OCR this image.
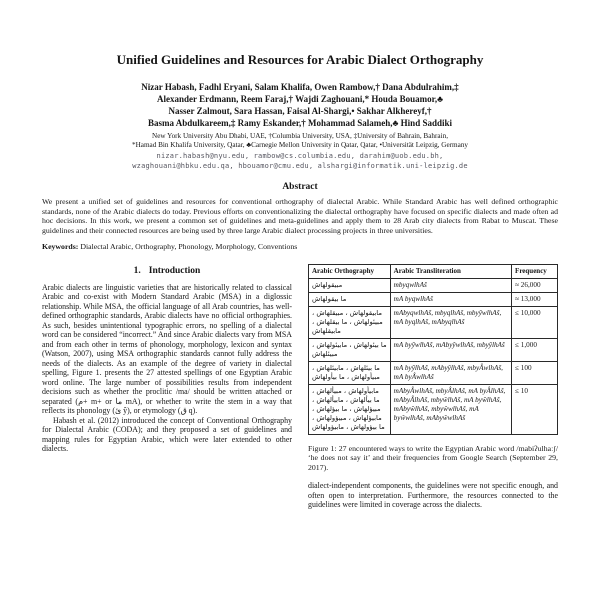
Unified Guidelines and Resources for Arabic Dialect Orthography
Nizar Habash, Fadhl Eryani, Salam Khalifa, Owen Rambow,† Dana Abdulrahim,‡
Alexander Erdmann, Reem Faraj,† Wajdi Zaghouani,* Houda Bouamor,♣
Nasser Zalmout, Sara Hassan, Faisal Al-Shargi,• Sakhar Alkhereyf,†
Basma Abdulkareem,‡ Ramy Eskander,† Mohammad Salameh,♣ Hind Saddiki
New York University Abu Dhabi, UAE, †Columbia University, USA, ‡University of Bahrain, Bahrain,
*Hamad Bin Khalifa University, Qatar, ♣Carnegie Mellon University in Qatar, Qatar, •Universität Leipzig, Germany
nizar.habash@nyu.edu, rambow@cs.columbia.edu, darahim@uob.edu.bh,
wzaghouani@hbku.edu.qa, hbouamor@cmu.edu, alshargi@informatik.uni-leipzig.de
Abstract

We present a unified set of guidelines and resources for conventional orthography of dialectal Arabic. While Standard Arabic has well defined orthographic standards, none of the Arabic dialects do today. Previous efforts on conventionalizing the dialectal orthography have focused on specific dialects and made often ad hoc decisions. In this work, we present a common set of guidelines and meta-guidelines and apply them to 28 Arab city dialects from Rabat to Muscat. These guidelines and their connected resources are being used by three large Arabic dialect processing projects in three universities.

Keywords: Dialectal Arabic, Orthography, Phonology, Morphology, Conventions

1. Introduction

Arabic dialects are linguistic varieties that are historically related to classical Arabic and co-exist with Modern Standard Arabic (MSA) in a diglossic relationship. While MSA, the official language of all Arab countries, has well-defined orthographic standards, Arabic dialects have no official orthographies. As such, besides unintentional typographic errors, no spelling of a dialectal word can be considered “incorrect.” And since Arabic dialects vary from MSA and from each other in terms of phonology, morphology, lexicon and syntax (Watson, 2007), using MSA orthographic standards cannot fully address the needs of the dialects. As an example of the degree of variety in dialectal spelling, Figure 1. presents the 27 attested spellings of one Egyptian Arabic word online. The large number of possibilities results from independent decisions such as whether the proclitic /ma/ should be written attached or separated (م+ m+ or ما mA), or whether to write the stem in a way that reflects its phonology (ئ ŷ), or etymology (ق q).

Habash et al. (2012) introduced the concept of Conventional Orthography for Dialectal Arabic (CODA); and they proposed a set of guidelines and mapping rules for Egyptian Arabic, which were later extended to other dialects.

Arabic Orthography	Arabic Transliteration	Frequency
مبيقولهاش	mbyqwlhAš	≈ 26,000
ما بيقولهاش	mA byqwlhAš	≈ 13,000
مابيقولهاش ، مبيقلهاش ، مبيئولهاش ، ما بيقلهاش ، مابيقلهاش	mAbyqwlhAš, mbyqlhAš, mbyŷwlhAš, mA byqlhAš, mAbyqlhAš	≤ 10,000
ما بيئولهاش ، مابيئولهاش ، مبيئلهاش	mA byŷwlhAš, mAbyŷwlhAš, mbyŷlhAš	≤ 1,000
ما بيئلهاش ، مابيئلهاش ، مبيأولهاش ، ما بيأولهاش	mA byŷlhAš, mAbyŷlhAš, mbyÂwlhAš, mA byÂwlhAš	≤ 100
مابيأولهاش ، مبيألهاش ، ما بيألهاش ، مابيألهاش ، مبيؤلهاش ، ما بيؤلهاش ، مابيؤلهاش ، مبيؤولهاش ، ما بيؤولهاش ، مابيؤولهاش	mAbyÂwlhAš, mbyÂlhAš, mA byÂlhAš, mAbyÂlhAš, mbyŵlhAš, mA byŵlhAš, mAbyŵlhAš, mbyŵwlhAš, mA byŵwlhAš, mAbyŵwlhAš	≤ 10

Figure 1: 27 encountered ways to write the Egyptian Arabic word /mabiʔulhaːʃ/ ‘he does not say it’ and their frequencies from Google Search (September 29, 2017).

dialect-independent components, the guidelines were not specific enough, and often open to interpretation. Furthermore, the resources connected to the guidelines were limited in coverage across the dialects.
